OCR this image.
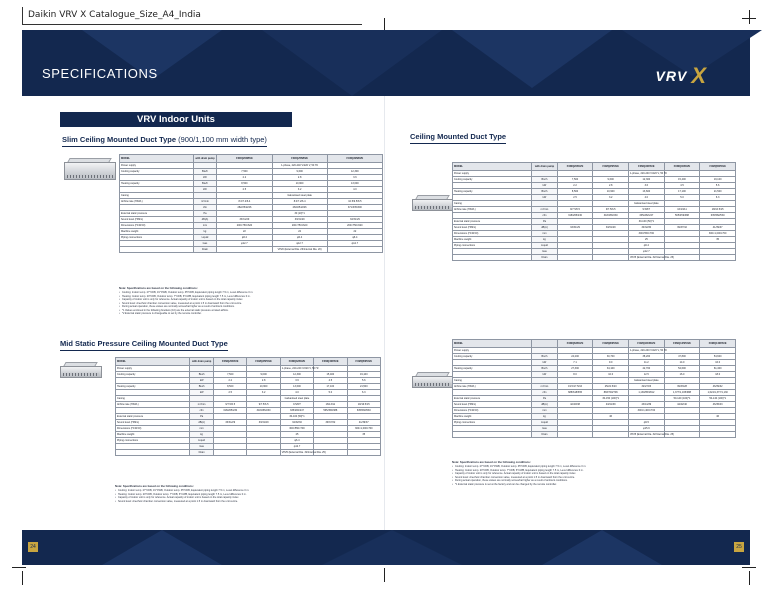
Daikin VRV X Catalogue_Size_A4_India
SPECIFICATIONS	VRV X
VRV Indoor Units
Slim Ceiling Mounted Duct Type (900/1,100 mm width type)
MODEL	with drain pump	FXDQ20NBVE	FXDQ25NBVE	FXDQ32NBVE
Power supply			1-phase, 220-240 V/220 V, 50 Hz	
Cooling capacity	Btu/h	7,500	9,600	12,300
	kW	2.2	2.8	3.6
Heating capacity	Btu/h	8,500	10,900	13,600
	kW	2.5	3.2	4.0
Casing			Galvanised steel plate	
Airflow rate (H/M/L)	m³/min	8.0/7.2/6.4	8.0/7.2/6.4	10.5/9.5/8.5
	cfm	282/254/226	282/254/226	371/335/300
External static pressure	Pa		30 (10)*1	
Sound level (H/M/L)	dB(A)	33/31/29	33/31/29	33/31/29
Dimensions (H×W×D)	mm	200×750×620	200×750×620	200×750×620
Machine weight	kg	22	22	22
Piping connections	Liquid	φ6.4	φ6.4	φ6.4
	Gas	φ12.7	φ12.7	φ12.7
	Drain		VP20 (External Dia. 26/Internal Dia. 20)	
Note: Specifications are based on the following conditions:
• Cooling: Indoor temp. 27°CDB, 19°CWB, Outdoor temp. 35°CDB, Equivalent piping length 7.5 m, Level difference 0 m.
• Heating: Indoor temp. 20°CDB, Outdoor temp. 7°CDB, 6°CWB, Equivalent piping length 7.5 m, Level difference 0 m.
• Capacity of indoor unit is only for reference. Actual capacity of indoor unit is based on the total capacity index.
• Sound level: Anechoic chamber conversion value, measured at a point 1.5 m downward from the unit centre.
• During actual operation, these values are normally somewhat higher as a result of ambient conditions.
• *1 Values enclosed in the following brackets (10) are the external static pressure at rated airflow.
• *2 External static pressure is changeable to set by the remote controller.
Mid Static Pressure Ceiling Mounted Duct Type
MODEL	with drain pump	FXMQ20PAVE	FXMQ25PAVE	FXMQ32PAVE	FXMQ40PAVE	FXMQ50PAVE
Power supply				1-phase, 220-240 V/220 V, 50 Hz		
Cooling capacity	Btu/h	7,500	9,600	12,300	15,400	19,100
	kW	2.2	2.8	3.6	4.5	5.6
Heating capacity	Btu/h	8,500	10,900	13,600	17,100	21,500
	kW	2.5	3.2	4.0	5.0	6.3
Casing				Galvanised steel plate		
Airflow rate (H/M/L)	m³/min	9/7.5/6.5	9/7.5/6.5	9.5/8/7	16/13/11	18/16.5/15
	cfm	318/265/230	318/265/230	335/282/247	565/459/388	635/582/530
External static pressure	Pa			30-100 (50)*1		
Sound level (H/M/L)	dB(A)	33/31/29	33/31/29	34/32/30	39/37/32	41/39/37
Dimensions (H×W×D)	mm			300×550×700		300×1,000×700
Machine weight	kg			25		35
Piping connections	Liquid			φ6.4		
	Gas			φ12.7		
	Drain			VP25 (External Dia. 32/Internal Dia. 25)		
Note: Specifications are based on the following conditions:
• Cooling: Indoor temp. 27°CDB, 19°CWB, Outdoor temp. 35°CDB, Equivalent piping length 7.5 m, Level difference 0 m.
• Heating: Indoor temp. 20°CDB, Outdoor temp. 7°CDB, 6°CWB, Equivalent piping length 7.5 m, Level difference 0 m.
• Capacity of indoor unit is only for reference. Actual capacity of indoor unit is based on the total capacity index.
• Sound level: Anechoic chamber conversion value, measured at a point 1.5 m downward from the unit centre.
Ceiling Mounted Duct Type
MODEL	with drain pump	FXMQ20PAVE	FXMQ25PAVE	FXMQ32PAVE	FXMQ40PAVE	FXMQ50PAVE
Power supply				1-phase, 220-240 V/220 V, 50 Hz		
Cooling capacity	Btu/h	7,500	9,600	12,300	15,400	19,100
	kW	2.2	2.8	3.6	4.5	5.6
Heating capacity	Btu/h	8,500	10,900	13,600	17,100	21,500
	kW	2.5	3.2	4.0	5.0	6.3
Casing				Galvanised steel plate		
Airflow rate (H/M/L)	m³/min	9/7.5/6.5	9/7.5/6.5	9.5/8/7	16/13/11	18/16.5/15
	cfm	318/265/230	318/265/230	335/282/247	565/459/388	635/582/530
External static pressure	Pa			30-100 (50)*1		
Sound level (H/M/L)	dB(A)	33/31/29	33/31/29	34/32/30	39/37/32	41/39/37
Dimensions (H×W×D)	mm			300×550×700		300×1,000×700
Machine weight	kg			25		35
Piping connections	Liquid			φ6.4		
	Gas			φ12.7		
	Drain			VP25 (External Dia. 32/Internal Dia. 25)		
MODEL		FXMQ63PAVE	FXMQ80PAVE	FXMQ100PAVE	FXMQ125PAVE	FXMQ140PAVE
Power supply				1-phase, 220-240 V/220 V, 50 Hz		
Cooling capacity	Btu/h	24,200	30,700	38,200	47,800	54,600
	kW	7.1	9.0	11.2	14.0	16.0
Heating capacity	Btu/h	27,300	34,100	42,700	54,600	61,400
	kW	8.0	10.0	12.5	16.0	18.0
Casing				Galvanised steel plate		
Airflow rate (H/M/L)	m³/min	19.5/17.5/16	25/22.5/20	32/27/23	39/33/28	46/39/32
	cfm	688/618/565	883/794/706	1,130/953/812	1,377/1,165/988	1,624/1,377/1,130
External static pressure	Pa		30-150 (100)*1		50-140 (100)*1	50-140 (100)*1
Sound level (H/M/L)	dB(A)	42/40/38	43/41/39	43/41/39	44/42/40	46/45/43
Dimensions (H×W×D)	mm			300×1,400×700		
Machine weight	kg		46			46
Piping connections	Liquid			φ9.5		
	Gas			φ15.9		
	Drain			VP25 (External Dia. 32/Internal Dia. 25)		
Note: Specifications are based on the following conditions:
• Cooling: Indoor temp. 27°CDB, 19°CWB, Outdoor temp. 35°CDB, Equivalent piping length 7.5 m, Level difference 0 m.
• Heating: Indoor temp. 20°CDB, Outdoor temp. 7°CDB, 6°CWB, Equivalent piping length 7.5 m, Level difference 0 m.
• Capacity of indoor unit is only for reference. Actual capacity of indoor unit is based on the total capacity index.
• Sound level: Anechoic chamber conversion value, measured at a point 1.5 m downward from the unit centre.
• During actual operation, these values are normally somewhat higher as a result of ambient conditions.
• *1 External static pressure is set at the factory and can be changed by the remote controller.
24	25
